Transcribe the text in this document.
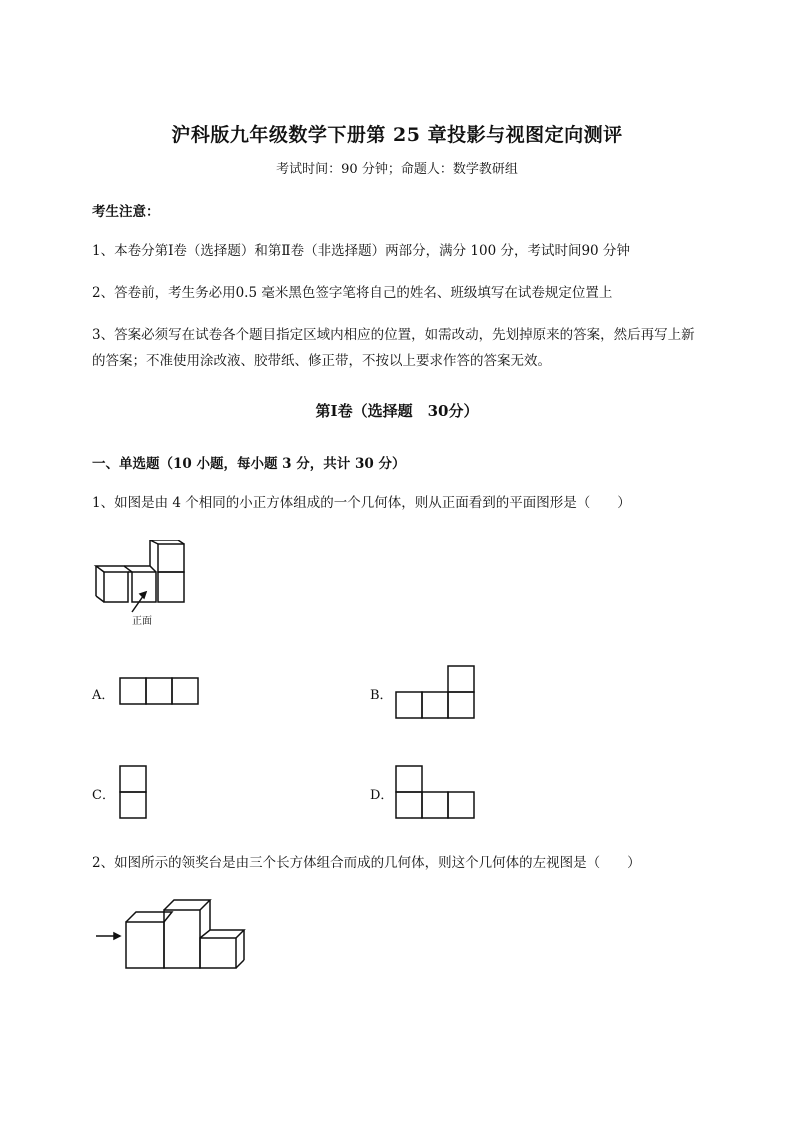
沪科版九年级数学下册第 25 章投影与视图定向测评
考试时间：90 分钟；命题人：数学教研组
考生注意：
1、本卷分第Ⅰ卷（选择题）和第Ⅱ卷（非选择题）两部分，满分 100 分，考试时间90 分钟
2、答卷前，考生务必用0.5 毫米黑色签字笔将自己的姓名、班级填写在试卷规定位置上
3、答案必须写在试卷各个题目指定区域内相应的位置，如需改动，先划掉原来的答案，然后再写上新
的答案；不准使用涂改液、胶带纸、修正带，不按以上要求作答的答案无效。
第Ⅰ卷（选择题　30分）
一、单选题（10 小题，每小题 3 分，共计 30 分）
1、如图是由 4 个相同的小正方体组成的一个几何体，则从正面看到的平面图形是（　　）
正面
A．	B．
C．	D．
2、如图所示的领奖台是由三个长方体组合而成的几何体，则这个几何体的左视图是（　　）
